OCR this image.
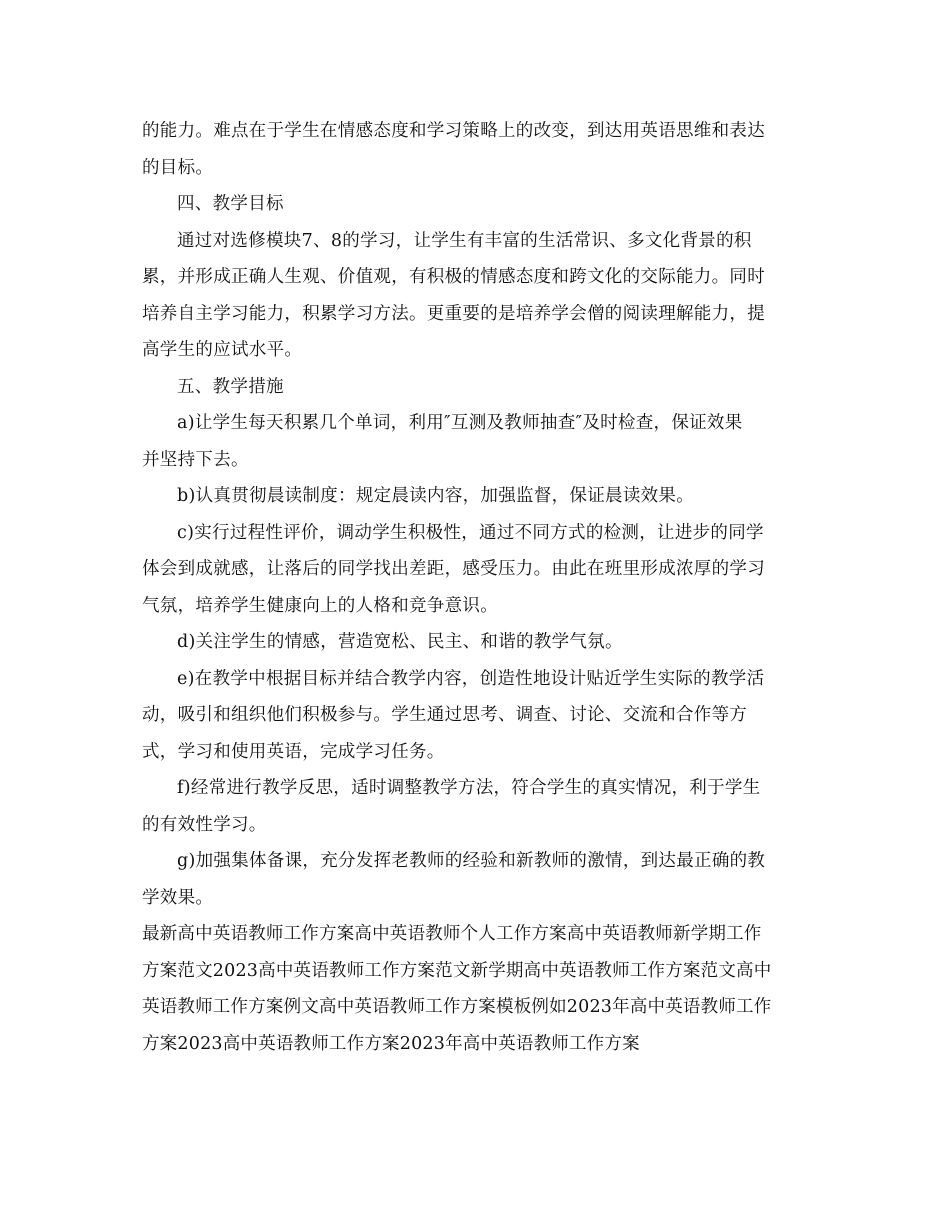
的能力。难点在于学生在情感态度和学习策略上的改变，到达用英语思维和表达
的目标。
四、教学目标
通过对选修模块7、8的学习，让学生有丰富的生活常识、多文化背景的积
累，并形成正确人生观、价值观，有积极的情感态度和跨文化的交际能力。同时
培养自主学习能力，积累学习方法。更重要的是培养学会僧的阅读理解能力，提
高学生的应试水平。
五、教学措施
a)让学生每天积累几个单词，利用″互测及教师抽查″及时检查，保证效果
并坚持下去。
b)认真贯彻晨读制度：规定晨读内容，加强监督，保证晨读效果。
c)实行过程性评价，调动学生积极性，通过不同方式的检测，让进步的同学
体会到成就感，让落后的同学找出差距，感受压力。由此在班里形成浓厚的学习
气氛，培养学生健康向上的人格和竞争意识。
d)关注学生的情感，营造宽松、民主、和谐的教学气氛。
e)在教学中根据目标并结合教学内容，创造性地设计贴近学生实际的教学活
动，吸引和组织他们积极参与。学生通过思考、调查、讨论、交流和合作等方
式，学习和使用英语，完成学习任务。
f)经常进行教学反思，适时调整教学方法，符合学生的真实情况，利于学生
的有效性学习。
g)加强集体备课，充分发挥老教师的经验和新教师的激情，到达最正确的教
学效果。
最新高中英语教师工作方案高中英语教师个人工作方案高中英语教师新学期工作
方案范文2023高中英语教师工作方案范文新学期高中英语教师工作方案范文高中
英语教师工作方案例文高中英语教师工作方案模板例如2023年高中英语教师工作
方案2023高中英语教师工作方案2023年高中英语教师工作方案
